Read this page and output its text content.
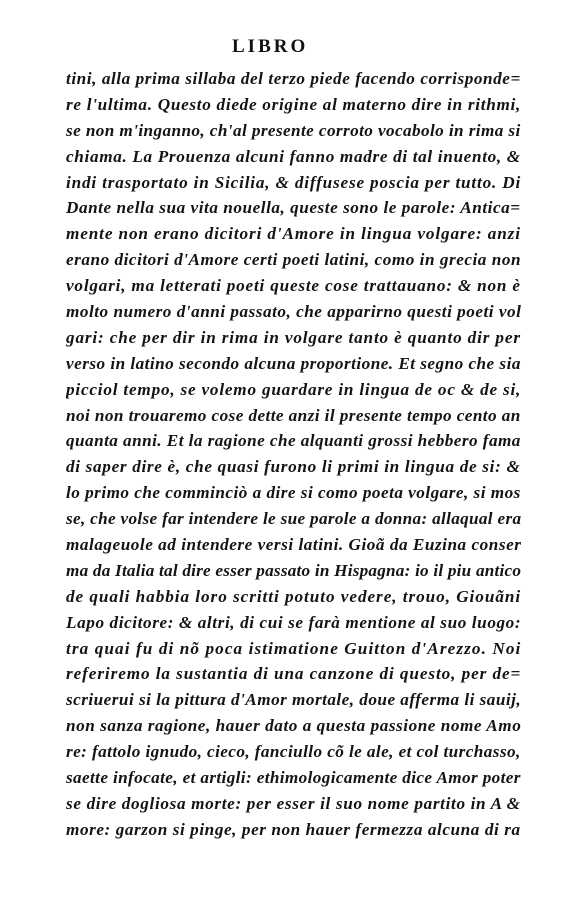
LIBRO
tini, alla prima sillaba del terzo piede facendo corrisponde=
re l'ultima. Questo diede origine al materno dire in rithmi,
se non m'inganno, ch'al presente corroto vocabolo in rima si
chiama. La Prouenza alcuni fanno madre di tal inuento, &
indi trasportato in Sicilia, & diffusese poscia per tutto. Di
Dante nella sua vita nouella, queste sono le parole: Antica=
mente non erano dicitori d'Amore in lingua volgare: anzi
erano dicitori d'Amore certi poeti latini, como in grecia non
volgari, ma letterati poeti queste cose trattauano: & non è
molto numero d'anni passato, che apparirno questi poeti vol
gari: che per dir in rima in volgare tanto è quanto dir per
verso in latino secondo alcuna proportione. Et segno che sia
picciol tempo, se volemo guardare in lingua de oc & de si,
noi non trouaremo cose dette anzi il presente tempo cento an
quanta anni. Et la ragione che alquanti grossi hebbero fama
di saper dire è, che quasi furono li primi in lingua de si: &
lo primo che comminciò a dire si como poeta volgare, si mos
se, che volse far intendere le sue parole a donna: allaqual era
malageuole ad intendere versi latini. Gioã da Euzina conser
ma da Italia tal dire esser passato in Hispagna: io il piu antico
de quali habbia loro scritti potuto vedere, trouo, Giouãni
Lapo dicitore: & altri, di cui se farà mentione al suo luogo:
tra quai fu di nõ poca istimatione Guitton d'Arezzo. Noi
referiremo la sustantia di una canzone di questo, per de=
scriuerui si la pittura d'Amor mortale, doue afferma li sauij,
non sanza ragione, hauer dato a questa passione nome Amo
re: fattolo ignudo, cieco, fanciullo cõ le ale, et col turchasso,
saette infocate, et artigli: ethimologicamente dice Amor poter
se dire dogliosa morte: per esser il suo nome partito in A &
more: garzon si pinge, per non hauer fermezza alcuna di ra
